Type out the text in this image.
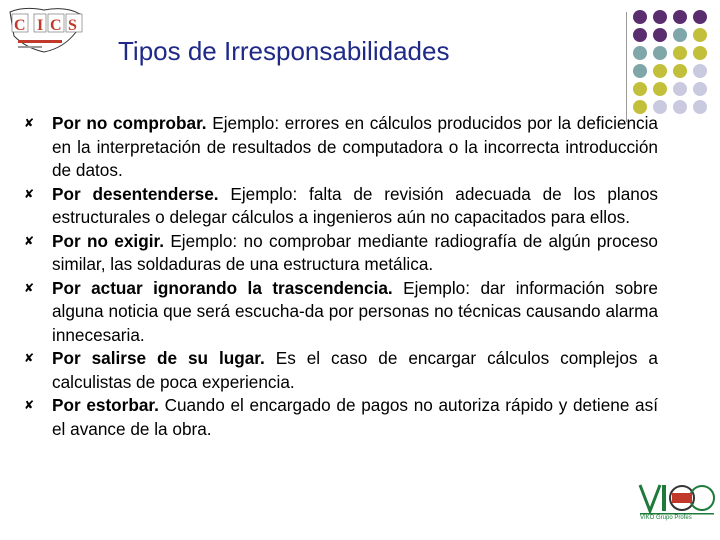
C I C S
Tipos de Irresponsabilidades
✘ Por no comprobar. Ejemplo: errores en cálculos producidos por la deficiencia en la interpretación de resultados de computadora o la incorrecta introducción de datos.
✘ Por desentenderse. Ejemplo: falta de revisión adecuada de los planos estructurales o delegar cálculos a ingenieros aún no capacitados para ellos.
✘ Por no exigir. Ejemplo: no comprobar mediante radiografía de algún proceso similar, las soldaduras de una estructura metálica.
✘ Por actuar ignorando la trascendencia. Ejemplo: dar información sobre alguna noticia que será escucha-da por personas no técnicas causando alarma innecesaria.
✘ Por salirse de su lugar. Es el caso de encargar cálculos complejos a calculistas de poca experiencia.
✘ Por estorbar. Cuando el encargado de pagos no autoriza rápido y detiene así el avance de la obra.
VIKO Grupo Profes
